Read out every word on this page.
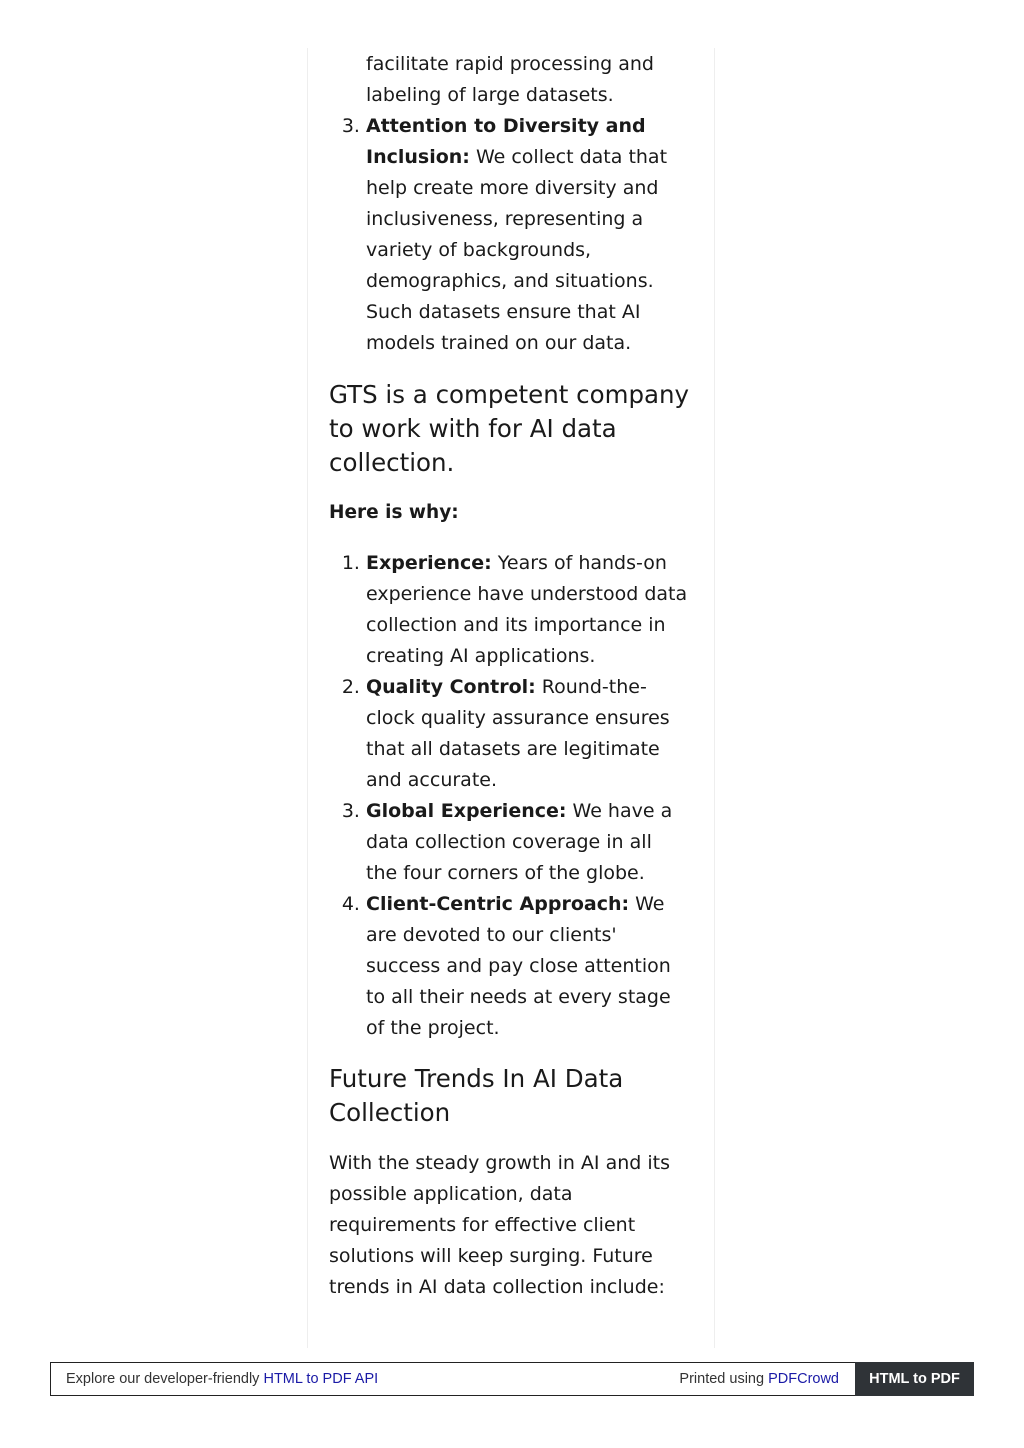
facilitate rapid processing and
labeling of large datasets.
3. Attention to Diversity and Inclusion: We collect data that help create more diversity and inclusiveness, representing a variety of backgrounds, demographics, and situations. Such datasets ensure that AI models trained on our data.
GTS is a competent company to work with for AI data collection.
Here is why:
1. Experience: Years of hands-on experience have understood data collection and its importance in creating AI applications.
2. Quality Control: Round-the-clock quality assurance ensures that all datasets are legitimate and accurate.
3. Global Experience: We have a data collection coverage in all the four corners of the globe.
4. Client-Centric Approach: We are devoted to our clients' success and pay close attention to all their needs at every stage of the project.
Future Trends In AI Data Collection
With the steady growth in AI and its possible application, data requirements for effective client solutions will keep surging. Future trends in AI data collection include:
Explore our developer-friendly HTML to PDF API	Printed using PDFCrowd	HTML to PDF
